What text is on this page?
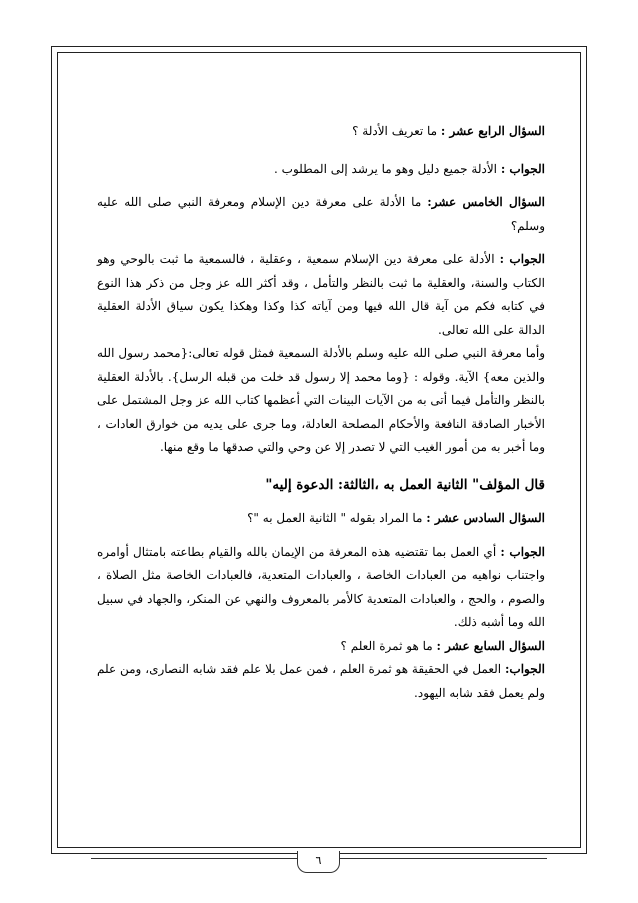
السؤال الرابع عشر : ما تعريف الأدلة ؟

الجواب : الأدلة جميع دليل وهو ما يرشد إلى المطلوب .

السؤال الخامس عشر: ما الأدلة على معرفة دين الإسلام ومعرفة النبي صلى الله عليه وسلم؟

الجواب : الأدلة على معرفة دين الإسلام سمعية ، وعقلية ، فالسمعية ما ثبت بالوحي وهو الكتاب والسنة، والعقلية ما ثبت بالنظر والتأمل ، وقد أكثر الله عز وجل من ذكر هذا النوع في كتابه فكم من آية قال الله فيها ومن آياته كذا وكذا وهكذا يكون سياق الأدلة العقلية الدالة على الله تعالى.

وأما معرفة النبي صلى الله عليه وسلم بالأدلة السمعية فمثل قوله تعالى:{محمد رسول الله والذين معه} الآية. وقوله : {وما محمد إلا رسول قد خلت من قبله الرسل}. بالأدلة العقلية بالنظر والتأمل فيما أتى به من الآيات البينات التي أعظمها كتاب الله عز وجل المشتمل على الأخبار الصادقة النافعة والأحكام المصلحة العادلة، وما جرى على يديه من خوارق العادات ، وما أخبر به من أمور الغيب التي لا تصدر إلا عن وحي والتي صدقها ما وقع منها.

قال المؤلف" الثانية العمل به ،الثالثة: الدعوة إليه"

السؤال السادس عشر : ما المراد بقوله " الثانية العمل به "؟

الجواب : أي العمل بما تقتضيه هذه المعرفة من الإيمان بالله والقيام بطاعته بامتثال أوامره واجتناب نواهيه من العبادات الخاصة ، والعبادات المتعدية، فالعبادات الخاصة مثل الصلاة ، والصوم ، والحج ، والعبادات المتعدية كالأمر بالمعروف والنهي عن المنكر، والجهاد في سبيل الله وما أشبه ذلك.

السؤال السابع عشر : ما هو ثمرة العلم ؟

الجواب: العمل في الحقيقة هو ثمرة العلم ، فمن عمل بلا علم فقد شابه النصارى، ومن علم ولم يعمل فقد شابه اليهود.

٦
